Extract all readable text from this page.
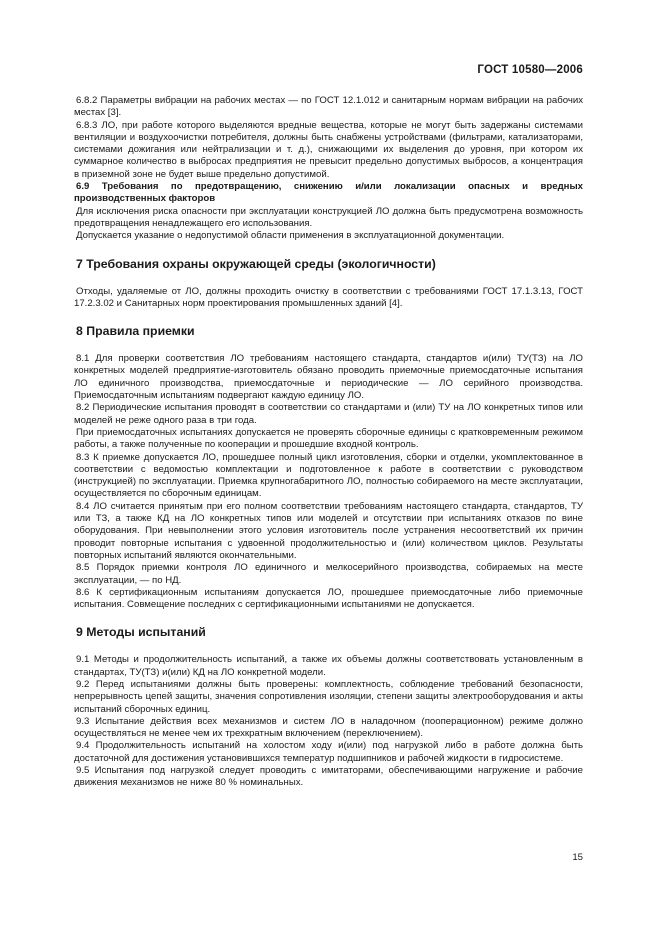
ГОСТ 10580—2006

6.8.2 Параметры вибрации на рабочих местах — по ГОСТ 12.1.012 и санитарным нормам вибрации на рабочих местах [3].

6.8.3 ЛО, при работе которого выделяются вредные вещества, которые не могут быть задержаны системами вентиляции и воздухоочистки потребителя, должны быть снабжены устройствами (фильтрами, катализаторами, системами дожигания или нейтрализации и т. д.), снижающими их выделения до уровня, при котором их суммарное количество в выбросах предприятия не превысит предельно допустимых выбросов, а концентрация в приземной зоне не будет выше предельно допустимой.

6.9 Требования по предотвращению, снижению и/или локализации опасных и вредных производственных факторов

Для исключения риска опасности при эксплуатации конструкцией ЛО должна быть предусмотрена возможность предотвращения ненадлежащего его использования.

Допускается указание о недопустимой области применения в эксплуатационной документации.

7 Требования охраны окружающей среды (экологичности)

Отходы, удаляемые от ЛО, должны проходить очистку в соответствии с требованиями ГОСТ 17.1.3.13, ГОСТ 17.2.3.02 и Санитарных норм проектирования промышленных зданий [4].

8 Правила приемки

8.1 Для проверки соответствия ЛО требованиям настоящего стандарта, стандартов и(или) ТУ(ТЗ) на ЛО конкретных моделей предприятие-изготовитель обязано проводить приемочные приемосдаточные испытания ЛО единичного производства, приемосдаточные и периодические — ЛО серийного производства. Приемосдаточным испытаниям подвергают каждую единицу ЛО.

8.2 Периодические испытания проводят в соответствии со стандартами и (или) ТУ на ЛО конкретных типов или моделей не реже одного раза в три года.

При приемосдаточных испытаниях допускается не проверять сборочные единицы с кратковременным режимом работы, а также полученные по кооперации и прошедшие входной контроль.

8.3 К приемке допускается ЛО, прошедшее полный цикл изготовления, сборки и отделки, укомплектованное в соответствии с ведомостью комплектации и подготовленное к работе в соответствии с руководством (инструкцией) по эксплуатации. Приемка крупногабаритного ЛО, полностью собираемого на месте эксплуатации, осуществляется по сборочным единицам.

8.4 ЛО считается принятым при его полном соответствии требованиям настоящего стандарта, стандартов, ТУ или ТЗ, а также КД на ЛО конкретных типов или моделей и отсутствии при испытаниях отказов по вине оборудования. При невыполнении этого условия изготовитель после устранения несоответствий их причин проводит повторные испытания с удвоенной продолжительностью и (или) количеством циклов. Результаты повторных испытаний являются окончательными.

8.5 Порядок приемки контроля ЛО единичного и мелкосерийного производства, собираемых на месте эксплуатации, — по НД.

8.6 К сертификационным испытаниям допускается ЛО, прошедшее приемосдаточные либо приемочные испытания. Совмещение последних с сертификационными испытаниями не допускается.

9 Методы испытаний

9.1 Методы и продолжительность испытаний, а также их объемы должны соответствовать установленным в стандартах, ТУ(ТЗ) и(или) КД на ЛО конкретной модели.

9.2 Перед испытаниями должны быть проверены: комплектность, соблюдение требований безопасности, непрерывность цепей защиты, значения сопротивления изоляции, степени защиты электрооборудования и акты испытаний сборочных единиц.

9.3 Испытание действия всех механизмов и систем ЛО в наладочном (пооперационном) режиме должно осуществляться не менее чем их трехкратным включением (переключением).

9.4 Продолжительность испытаний на холостом ходу и(или) под нагрузкой либо в работе должна быть достаточной для достижения установившихся температур подшипников и рабочей жидкости в гидросистеме.

9.5 Испытания под нагрузкой следует проводить с имитаторами, обеспечивающими нагружение и рабочие движения механизмов не ниже 80 % номинальных.

15
